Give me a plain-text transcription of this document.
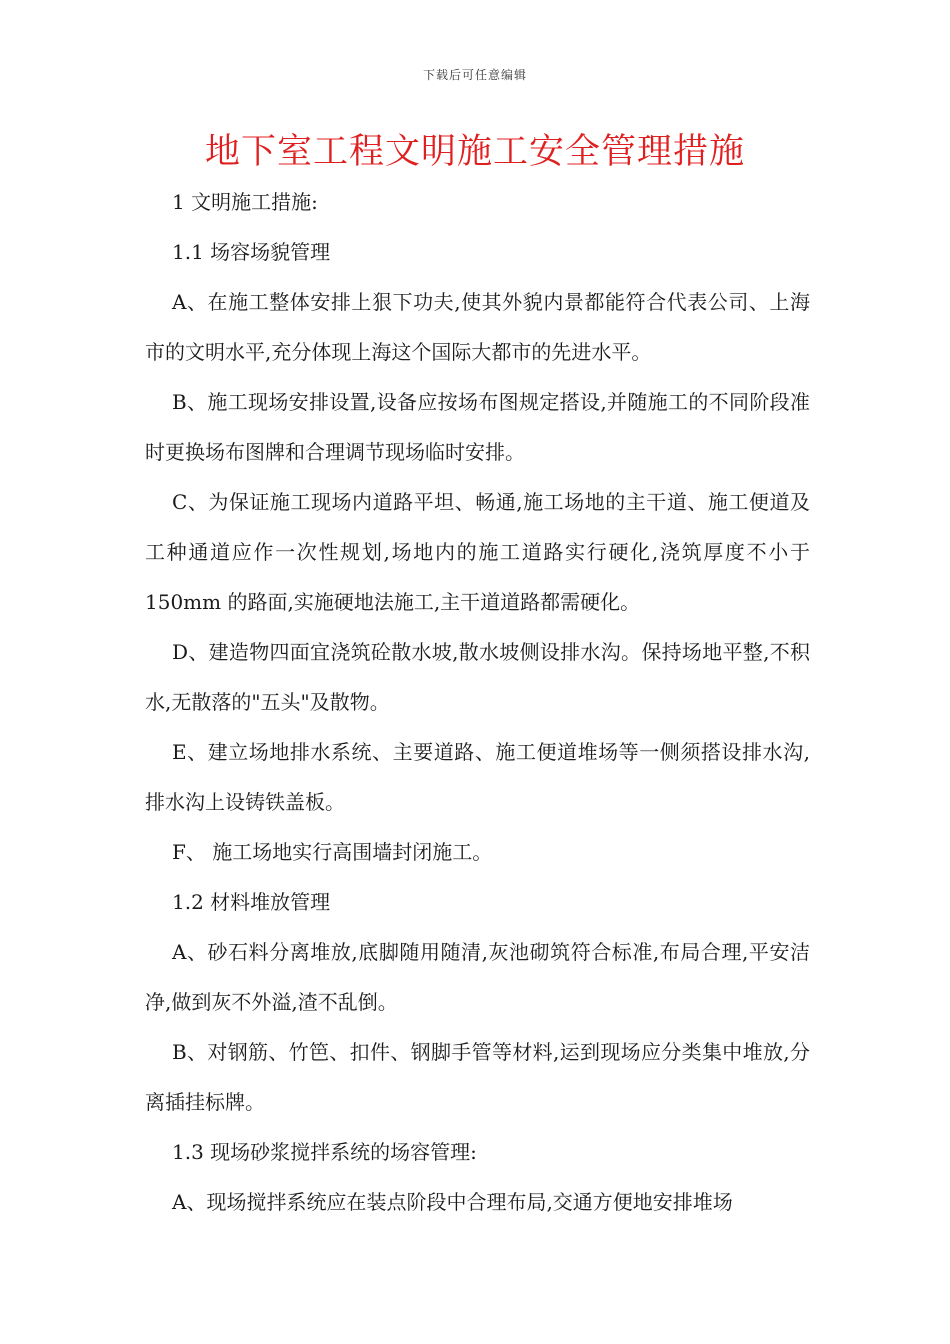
下载后可任意编辑
地下室工程文明施工安全管理措施

1 文明施工措施:

1.1 场容场貌管理

A、在施工整体安排上狠下功夫,使其外貌内景都能符合代表公司、上海市的文明水平,充分体现上海这个国际大都市的先进水平。

B、施工现场安排设置,设备应按场布图规定搭设,并随施工的不同阶段准时更换场布图牌和合理调节现场临时安排。

C、为保证施工现场内道路平坦、畅通,施工场地的主干道、施工便道及工种通道应作一次性规划,场地内的施工道路实行硬化,浇筑厚度不小于 150mm 的路面,实施硬地法施工,主干道道路都需硬化。

D、建造物四面宜浇筑砼散水坡,散水坡侧设排水沟。保持场地平整,不积水,无散落的"五头"及散物。

E、建立场地排水系统、主要道路、施工便道堆场等一侧须搭设排水沟,排水沟上设铸铁盖板。

F、 施工场地实行高围墙封闭施工。

1.2 材料堆放管理

A、砂石料分离堆放,底脚随用随清,灰池砌筑符合标准,布局合理,平安洁净,做到灰不外溢,渣不乱倒。

B、对钢筋、竹笆、扣件、钢脚手管等材料,运到现场应分类集中堆放,分离插挂标牌。

1.3 现场砂浆搅拌系统的场容管理:

A、现场搅拌系统应在装点阶段中合理布局,交通方便地安排堆场
